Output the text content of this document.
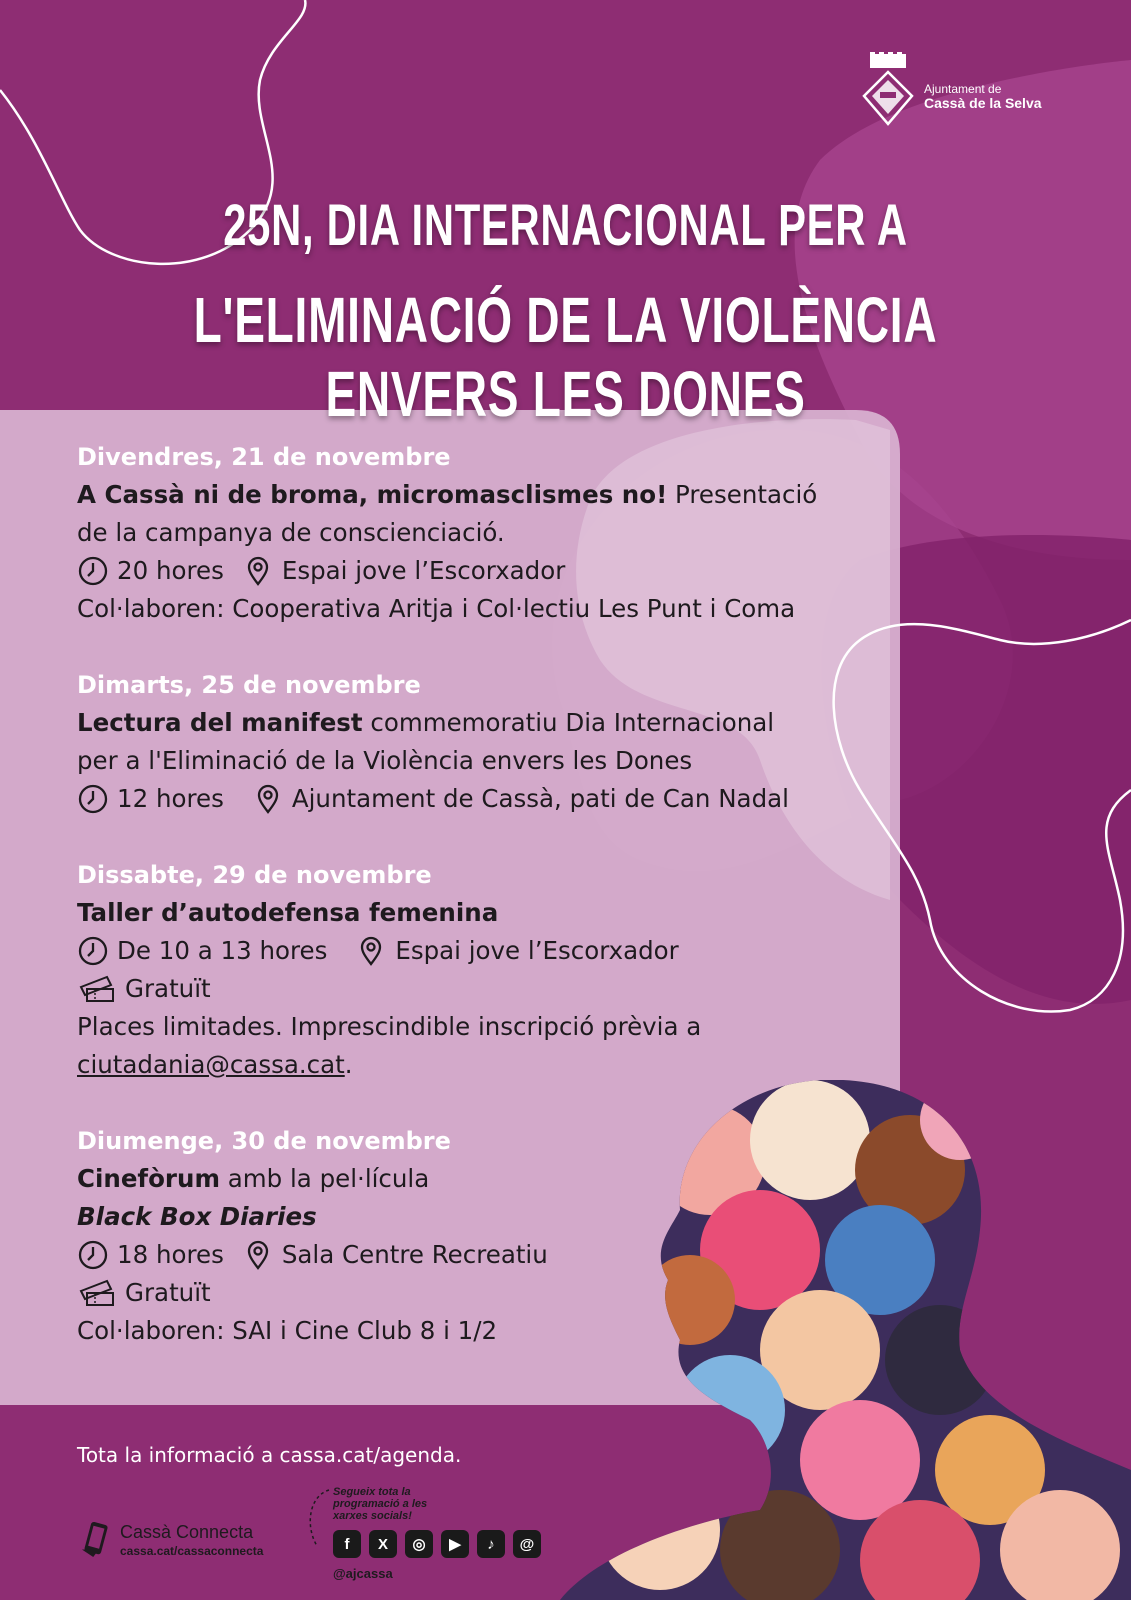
Ajuntament de
Cassà de la Selva
25N, DIA INTERNACIONAL PER A
L'ELIMINACIÓ DE LA VIOLÈNCIA ENVERS LES DONES
Divendres, 21 de novembre
A Cassà ni de broma, micromasclismes no! Presentació
de la campanya de conscienciació.
20 hores Espai jove l’Escorxador
Col·laboren: Cooperativa Aritja i Col·lectiu Les Punt i Coma
Dimarts, 25 de novembre
Lectura del manifest commemoratiu Dia Internacional
per a l'Eliminació de la Violència envers les Dones
12 hores	Ajuntament de Cassà, pati de Can Nadal
Dissabte, 29 de novembre
Taller d’autodefensa femenina
De 10 a 13 hores	Espai jove l’Escorxador
Gratuït
Places limitades. Imprescindible inscripció prèvia a
ciutadania@cassa.cat.
Diumenge, 30 de novembre
Cinefòrum amb la pel·lícula
Black Box Diaries
18 hores Sala Centre Recreatiu
Gratuït
Col·laboren: SAI i Cine Club 8 i 1/2
Tota la informació a cassa.cat/agenda.
Cassà Connecta
cassa.cat/cassaconnecta
Segueix tota la programació a les xarxes socials!
f	X	◎	▶	♪	@
@ajcassa
